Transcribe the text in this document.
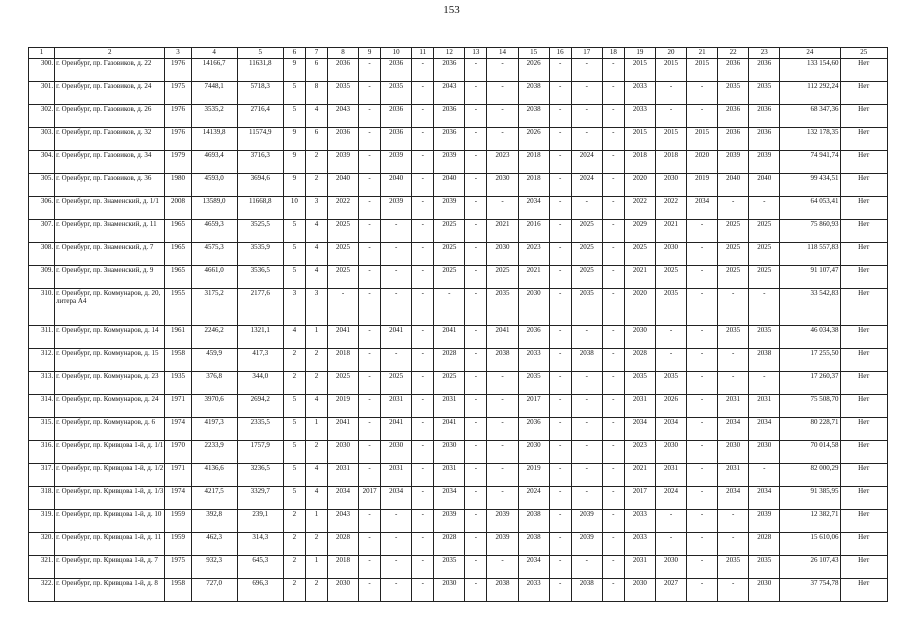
153
1	2	3	4	5	6	7	8	9	10	11	12	13	14	15	16	17	18	19	20	21	22	23	24	25
300.	г. Оренбург, пр. Газовиков, д. 22	1976	14166,7	11631,8	9	6	2036	-	2036	-	2036	-	-	2026	-	-	-	2015	2015	2015	2036	2036	133 154,60	Нет
301.	г. Оренбург, пр. Газовиков, д. 24	1975	7448,1	5718,3	5	8	2035	-	2035	-	2043	-	-	2038	-	-	-	2033	-	-	2035	2035	112 292,24	Нет
302.	г. Оренбург, пр. Газовиков, д. 26	1976	3535,2	2716,4	5	4	2043	-	2036	-	2036	-	-	2038	-	-	-	2033	-	-	2036	2036	68 347,36	Нет
303.	г. Оренбург, пр. Газовиков, д. 32	1976	14139,8	11574,9	9	6	2036	-	2036	-	2036	-	-	2026	-	-	-	2015	2015	2015	2036	2036	132 178,35	Нет
304.	г. Оренбург, пр. Газовиков, д. 34	1979	4693,4	3716,3	9	2	2039	-	2039	-	2039	-	2023	2018	-	2024	-	2018	2018	2020	2039	2039	74 941,74	Нет
305.	г. Оренбург, пр. Газовиков, д. 36	1980	4593,0	3694,6	9	2	2040	-	2040	-	2040	-	2030	2018	-	2024	-	2020	2030	2019	2040	2040	99 434,51	Нет
306.	г. Оренбург, пр. Знаменский, д. 1/1	2008	13589,0	11668,8	10	3	2022	-	2039	-	2039	-	-	2034	-	-	-	2022	2022	2034	-	-	64 053,41	Нет
307.	г. Оренбург, пр. Знаменский, д. 11	1965	4659,3	3525,5	5	4	2025	-	-	-	2025	-	2021	2016	-	2025	-	2029	2021	-	2025	2025	75 860,93	Нет
308.	г. Оренбург, пр. Знаменский, д. 7	1965	4575,3	3535,9	5	4	2025	-	-	-	2025	-	2030	2023	-	2025	-	2025	2030	-	2025	2025	118 557,83	Нет
309.	г. Оренбург, пр. Знаменский, д. 9	1965	4661,0	3536,5	5	4	2025	-	-	-	2025	-	2025	2021	-	2025	-	2021	2025	-	2025	2025	91 107,47	Нет
310.	г. Оренбург, пр. Коммунаров, д. 20, литера А4	1955	3175,2	2177,6	3	3	-	-	-	-	-	-	2035	2030	-	2035	-	2020	2035	-	-	-	33 542,83	Нет
311.	г. Оренбург, пр. Коммунаров, д. 14	1961	2246,2	1321,1	4	1	2041	-	2041	-	2041	-	2041	2036	-	-	-	2030	-	-	2035	2035	46 034,38	Нет
312.	г. Оренбург, пр. Коммунаров, д. 15	1958	459,9	417,3	2	2	2018	-	-	-	2028	-	2038	2033	-	2038	-	2028	-	-	-	2038	17 255,50	Нет
313.	г. Оренбург, пр. Коммунаров, д. 23	1935	376,8	344,0	2	2	2025	-	2025	-	2025	-	-	2035	-	-	-	2035	2035	-	-	-	17 260,37	Нет
314.	г. Оренбург, пр. Коммунаров, д. 24	1971	3970,6	2694,2	5	4	2019	-	2031	-	2031	-	-	2017	-	-	-	2031	2026	-	2031	2031	75 508,70	Нет
315.	г. Оренбург, пр. Коммунаров, д. 6	1974	4197,3	2335,5	5	1	2041	-	2041	-	2041	-	-	2036	-	-	-	2034	2034	-	2034	2034	80 228,71	Нет
316.	г. Оренбург, пр. Кривцова 1-й, д. 1/1	1970	2233,9	1757,9	5	2	2030	-	2030	-	2030	-	-	2030	-	-	-	2023	2030	-	2030	2030	70 014,58	Нет
317.	г. Оренбург, пр. Кривцова 1-й, д. 1/2	1971	4136,6	3236,5	5	4	2031	-	2031	-	2031	-	-	2019	-	-	-	2021	2031	-	2031	-	82 000,29	Нет
318.	г. Оренбург, пр. Кривцова 1-й, д. 1/3	1974	4217,5	3329,7	5	4	2034	2017	2034	-	2034	-	-	2024	-	-	-	2017	2024	-	2034	2034	91 385,95	Нет
319.	г. Оренбург, пр. Кривцова 1-й, д. 10	1959	392,8	239,1	2	1	2043	-	-	-	2039	-	2039	2038	-	2039	-	2033	-	-	-	2039	12 382,71	Нет
320.	г. Оренбург, пр. Кривцова 1-й, д. 11	1959	462,3	314,3	2	2	2028	-	-	-	2028	-	2039	2038	-	2039	-	2033	-	-	-	2028	15 610,06	Нет
321.	г. Оренбург, пр. Кривцова 1-й, д. 7	1975	932,3	645,3	2	1	2018	-	-	-	2035	-	-	2034	-	-	-	2031	2030	-	2035	2035	26 107,43	Нет
322.	г. Оренбург, пр. Кривцова 1-й, д. 8	1958	727,0	696,3	2	2	2030	-	-	-	2030	-	2038	2033	-	2038	-	2030	2027	-	-	2030	37 754,78	Нет
